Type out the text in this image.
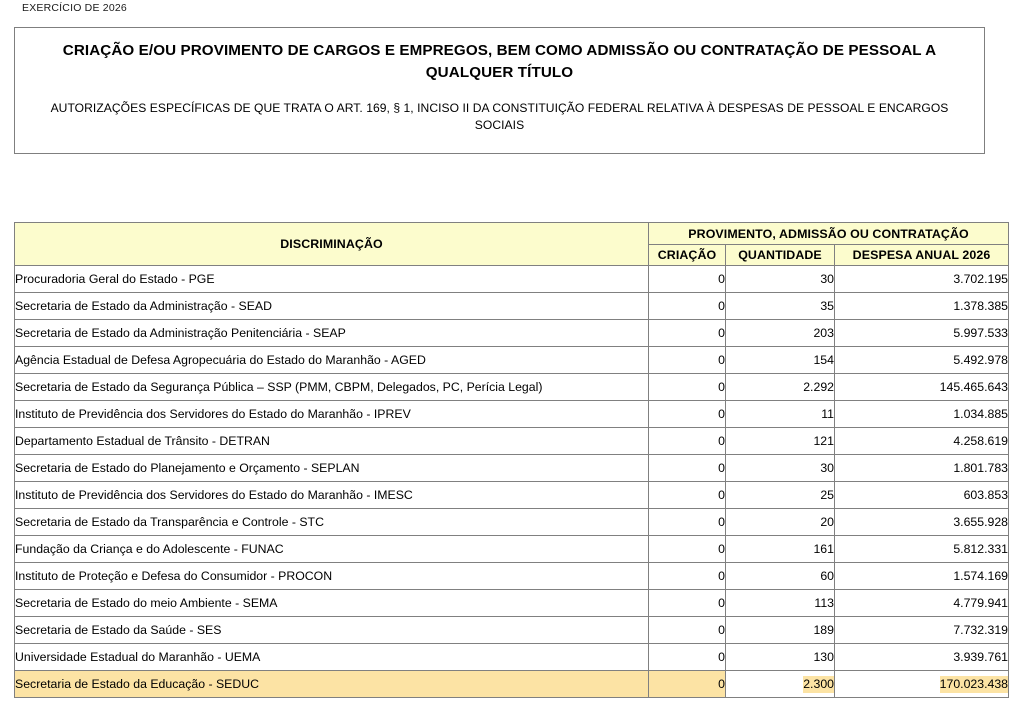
EXERCÍCIO DE 2026
CRIAÇÃO E/OU PROVIMENTO DE CARGOS E EMPREGOS, BEM COMO ADMISSÃO OU CONTRATAÇÃO DE PESSOAL A QUALQUER TÍTULO
AUTORIZAÇÕES ESPECÍFICAS DE QUE TRATA O ART. 169, § 1, INCISO II DA CONSTITUIÇÃO FEDERAL RELATIVA À DESPESAS DE PESSOAL E ENCARGOS SOCIAIS
DISCRIMINAÇÃO	PROVIMENTO, ADMISSÃO OU CONTRATAÇÃO		
	CRIAÇÃO	QUANTIDADE	DESPESA ANUAL 2026
Procuradoria Geral do Estado - PGE	0	30	3.702.195
Secretaria de Estado da Administração - SEAD	0	35	1.378.385
Secretaria de Estado da Administração Penitenciária - SEAP	0	203	5.997.533
Agência Estadual de Defesa Agropecuária do Estado do Maranhão - AGED	0	154	5.492.978
Secretaria de Estado da Segurança Pública – SSP (PMM, CBPM, Delegados, PC, Perícia Legal)	0	2.292	145.465.643
Instituto de Previdência dos Servidores do Estado do Maranhão - IPREV	0	11	1.034.885
Departamento Estadual de Trânsito - DETRAN	0	121	4.258.619
Secretaria de Estado do Planejamento e Orçamento - SEPLAN	0	30	1.801.783
Instituto de Previdência dos Servidores do Estado do Maranhão - IMESC	0	25	603.853
Secretaria de Estado da Transparência e Controle - STC	0	20	3.655.928
Fundação da Criança e do Adolescente - FUNAC	0	161	5.812.331
Instituto de Proteção e Defesa do Consumidor - PROCON	0	60	1.574.169
Secretaria de Estado do meio Ambiente - SEMA	0	113	4.779.941
Secretaria de Estado da Saúde - SES	0	189	7.732.319
Universidade Estadual do Maranhão - UEMA	0	130	3.939.761
Secretaria de Estado da Educação - SEDUC	0	2.300	170.023.438
